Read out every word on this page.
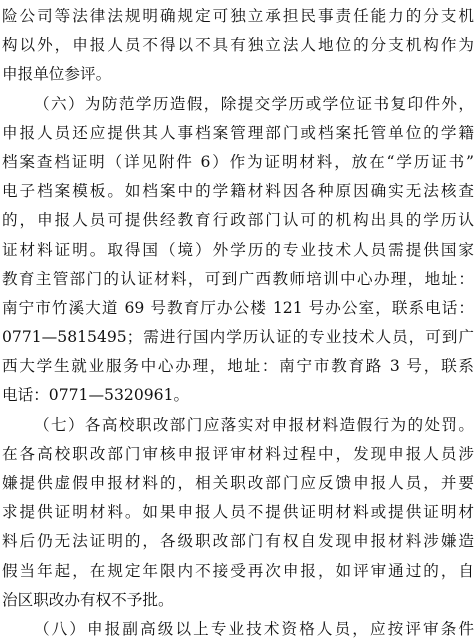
险公司等法律法规明确规定可独立承担民事责任能力的分支机
构以外，申报人员不得以不具有独立法人地位的分支机构作为
申报单位参评。
（六）为防范学历造假，除提交学历或学位证书复印件外，
申报人员还应提供其人事档案管理部门或档案托管单位的学籍
档案查档证明（详见附件 6）作为证明材料，放在“学历证书”
电子档案模板。如档案中的学籍材料因各种原因确实无法核查
的，申报人员可提供经教育行政部门认可的机构出具的学历认
证材料证明。取得国（境）外学历的专业技术人员需提供国家
教育主管部门的认证材料，可到广西教师培训中心办理，地址：
南宁市竹溪大道 69 号教育厅办公楼 121 号办公室，联系电话：
0771—5815495；需进行国内学历认证的专业技术人员，可到广
西大学生就业服务中心办理，地址：南宁市教育路 3 号，联系
电话：0771—5320961。
（七）各高校职改部门应落实对申报材料造假行为的处罚。
在各高校职改部门审核申报评审材料过程中，发现申报人员涉
嫌提供虚假申报材料的，相关职改部门应反馈申报人员，并要
求提供证明材料。如果申报人员不提供证明材料或提供证明材
料后仍无法证明的，各级职改部门有权自发现申报材料涉嫌造
假当年起，在规定年限内不接受再次申报，如评审通过的，自
治区职改办有权不予批。
（八）申报副高级以上专业技术资格人员，应按评审条件
